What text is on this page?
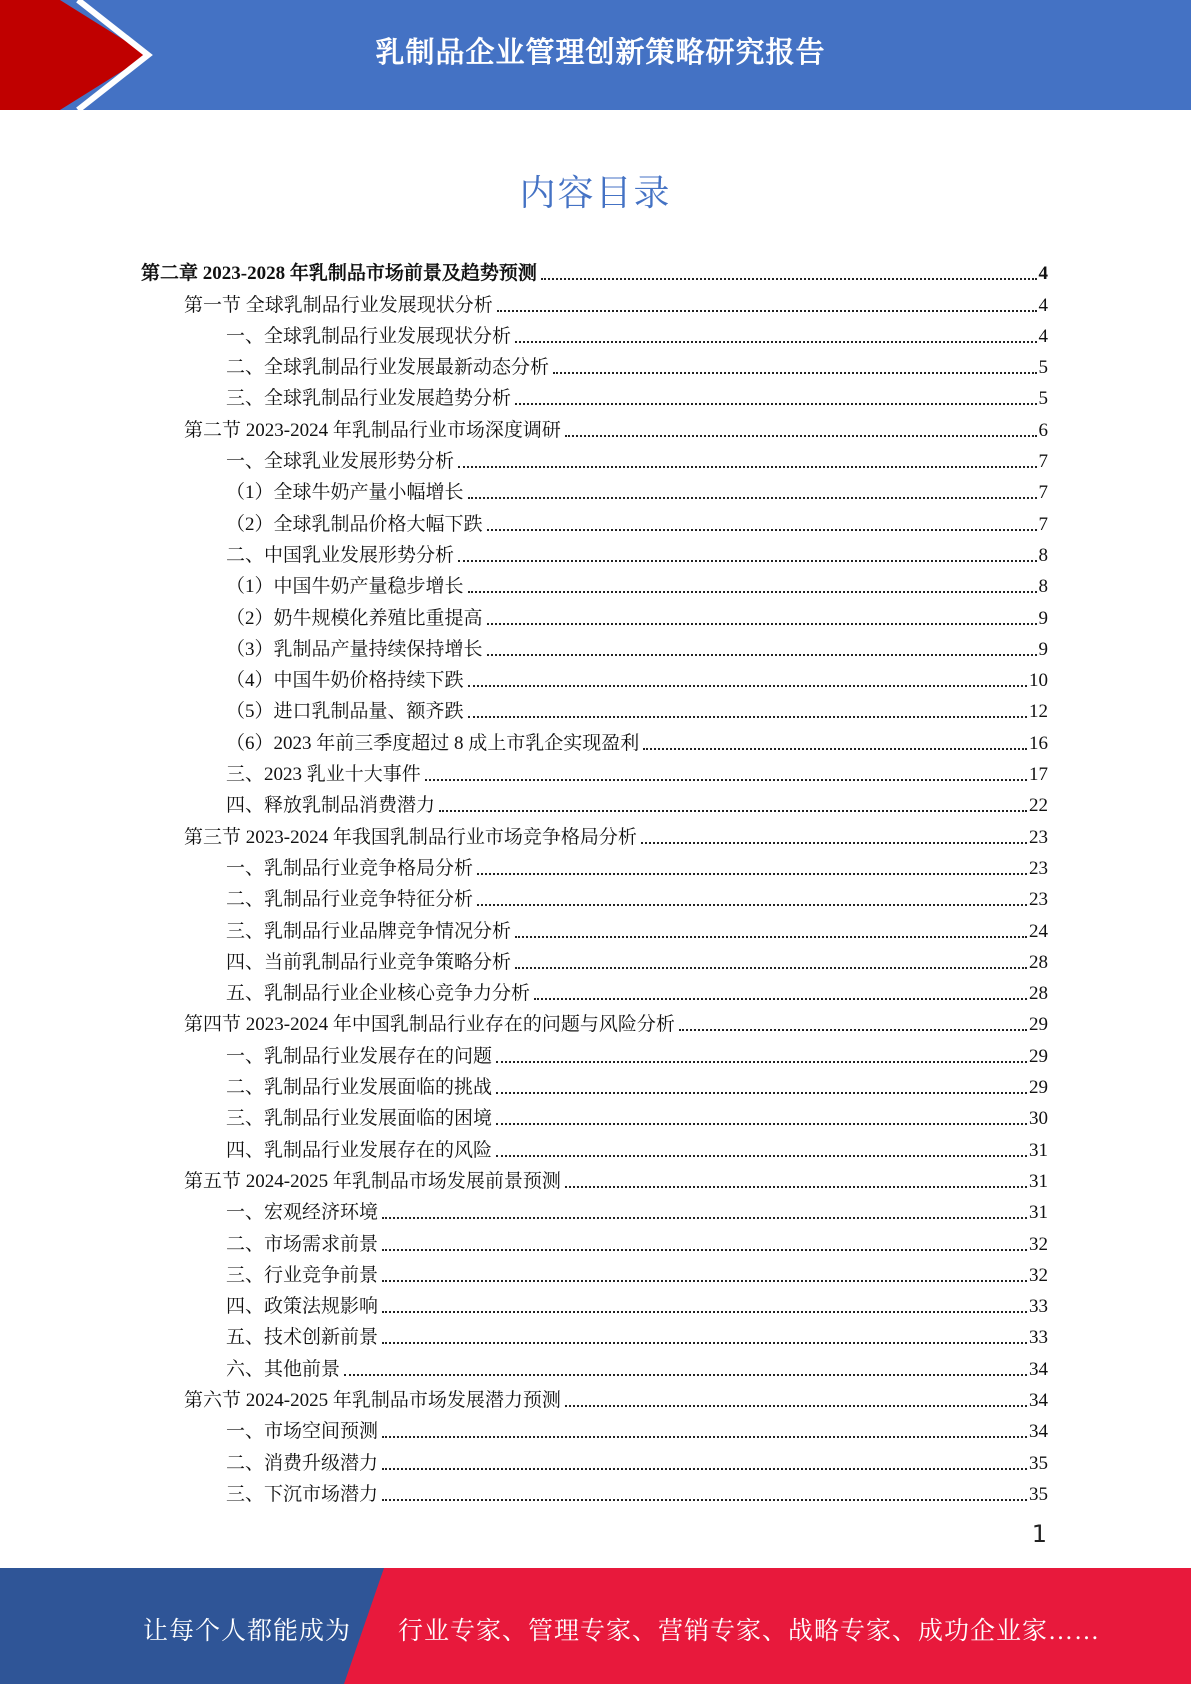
乳制品企业管理创新策略研究报告
内容目录
第二章 2023-2028 年乳制品市场前景及趋势预测	4
第一节 全球乳制品行业发展现状分析	4
一、全球乳制品行业发展现状分析	4
二、全球乳制品行业发展最新动态分析	5
三、全球乳制品行业发展趋势分析	5
第二节 2023-2024 年乳制品行业市场深度调研	6
一、全球乳业发展形势分析	7
（1）全球牛奶产量小幅增长	7
（2）全球乳制品价格大幅下跌	7
二、中国乳业发展形势分析	8
（1）中国牛奶产量稳步增长	8
（2）奶牛规模化养殖比重提高	9
（3）乳制品产量持续保持增长	9
（4）中国牛奶价格持续下跌	10
（5）进口乳制品量、额齐跌	12
（6）2023 年前三季度超过 8 成上市乳企实现盈利	16
三、2023 乳业十大事件	17
四、释放乳制品消费潜力	22
第三节 2023-2024 年我国乳制品行业市场竞争格局分析	23
一、乳制品行业竞争格局分析	23
二、乳制品行业竞争特征分析	23
三、乳制品行业品牌竞争情况分析	24
四、当前乳制品行业竞争策略分析	28
五、乳制品行业企业核心竞争力分析	28
第四节 2023-2024 年中国乳制品行业存在的问题与风险分析	29
一、乳制品行业发展存在的问题	29
二、乳制品行业发展面临的挑战	29
三、乳制品行业发展面临的困境	30
四、乳制品行业发展存在的风险	31
第五节 2024-2025 年乳制品市场发展前景预测	31
一、宏观经济环境	31
二、市场需求前景	32
三、行业竞争前景	32
四、政策法规影响	33
五、技术创新前景	33
六、其他前景	34
第六节 2024-2025 年乳制品市场发展潜力预测	34
一、市场空间预测	34
二、消费升级潜力	35
三、下沉市场潜力	35
1
让每个人都能成为 行业专家、管理专家、营销专家、战略专家、成功企业家……
